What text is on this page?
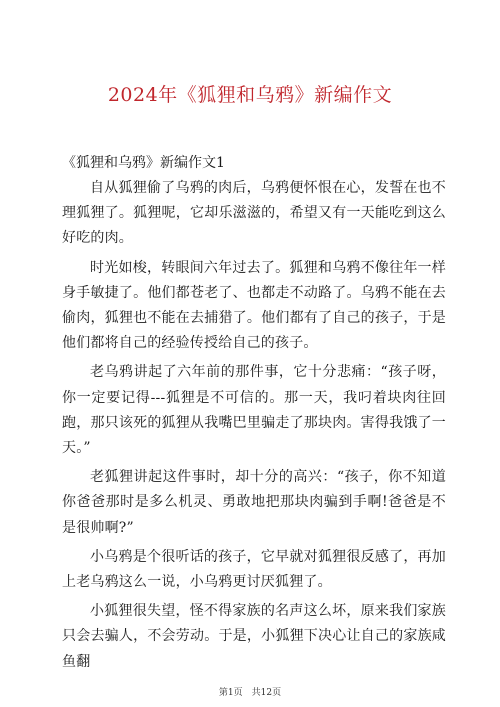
2024年《狐狸和乌鸦》新编作文
《狐狸和乌鸦》新编作文1

自从狐狸偷了乌鸦的肉后，乌鸦便怀恨在心，发誓在也不理狐狸了。狐狸呢，它却乐滋滋的，希望又有一天能吃到这么好吃的肉。

时光如梭，转眼间六年过去了。狐狸和乌鸦不像往年一样身手敏捷了。他们都苍老了、也都走不动路了。乌鸦不能在去偷肉，狐狸也不能在去捕猎了。他们都有了自己的孩子，于是他们都将自己的经验传授给自己的孩子。

老乌鸦讲起了六年前的那件事，它十分悲痛：“孩子呀，你一定要记得---狐狸是不可信的。那一天，我叼着块肉往回跑，那只该死的狐狸从我嘴巴里骗走了那块肉。害得我饿了一天。”

老狐狸讲起这件事时，却十分的高兴：“孩子，你不知道你爸爸那时是多么机灵、勇敢地把那块肉骗到手啊!爸爸是不是很帅啊?”

小乌鸦是个很听话的孩子，它早就对狐狸很反感了，再加上老乌鸦这么一说，小乌鸦更讨厌狐狸了。

小狐狸很失望，怪不得家族的名声这么坏，原来我们家族只会去骗人，不会劳动。于是，小狐狸下决心让自己的家族咸鱼翻

第1页　共12页
